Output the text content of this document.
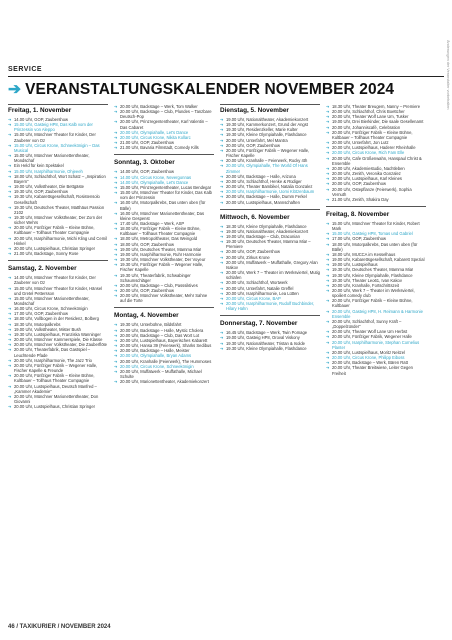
SERVICE
➔ VERANSTALTUNGSKALENDER NOVEMBER 2024
Freitag, 1. November
➔ 14.00 Uhr, GOP, Zaubershow
➔ 15.00 Uhr, Gasteig HP8, Das Kalb vom der Prinzessin von Aleppo
➔ 15.00 Uhr, Münchner Theater für Kinder, Der Zauberer von Oz
➔ 15.00 Uhr, Circus Krone, Schneekönigin – Das Musical
➔ 15.00 Uhr, Münchner Marionettentheater, Mondschaf
➔ Ein Held für kein Spektakel
➔ 15.00 Uhr, Isarphilharmonie, Ohjeeeh
➔ 18.00 Uhr, Schlachthof, Wort Schatz – „Inspiration Bayern“
➔ 19.00 Uhr, Volkstheater, Die Bettgäste
➔ 19.30 Uhr, GOP, Zaubershow
➔ 19.30 Uhr, Kabarettsgesellschaft, Rosistensolo Gesellschaft
➔ 19.30 Uhr, Deutsches Theater, Matthäus Passion 2102
➔ 19.30 Uhr, Münchner Volkstheater, Der Zorn der sicher Wehrs
➔ 20.00 Uhr, Fünfziger Fabrik – Kleine Bühne, Kultbauer – Tollhaus Theater Compagnie
➔ 20.00 Uhr, Isarphilharmonie, Michi Kling und Cemil Hinkel
➔ 20.00 Uhr, Lustspielhaus, Christian Springer
➔ 21.00 Uhr, Backstage, Sonny Rose
Samstag, 2. November
➔ 14.00 Uhr, Münchner Theater für Kinder, Der Zauberer von Oz
➔ 15.00 Uhr, Münchner Theater für Kinder, Hänsel und Gretel Pettersson
➔ 15.00 Uhr, Münchner Marionettentheater, Mondschaf
➔ 16.00 Uhr, Circus Krone, Schneekönigin
➔ 17.00 Uhr, GOP, Zaubershow
➔ 18.00 Uhr, Vollbogen in der Residenz, Bolberg
➔ 18.30 Uhr, Motorpalkrebs
➔ 19.00 Uhr, Volkstheater, Mister Bush
➔ 19.30 Uhr, Lustspielhaus, Franziska Wanninger
➔ 20.00 Uhr, Münchner Kammerspiele, Die Klasse
➔ 20.00 Uhr, Münchner Volkstheater, Die Zauberflöte
➔ 20.00 Uhr, Theaterfabrik, Das Gastspiel – Leuchtende Pfade
➔ 20.00 Uhr, Isarphilharmonie, The Jazz Trio
➔ 20.00 Uhr, Fünfziger Fabrik – Wegener Halle, Fischer Kapelle & Freunde
➔ 20.00 Uhr, Fünfziger Fabrik – Kleine Bühne, Kultbauer – Tollhaus Theater Compagnie
➔ 20.00 Uhr, Lustspielhaus, Deutsch Manfred – „Kammer Akademie“
➔ 20.00 Uhr, Münchner Marionettentheater, Don Giovanni
➔ 20.00 Uhr, Lustspielhaus, Christian Springer
➔ 20.00 Uhr, Backstage – Werk, Tom Walker
➔ 20.00 Uhr, Backstage – Club, Plundes – Tanzbare Deutsch-Pop
➔ 20.00 Uhr, Prinzregententheater, Karl Valentin – Das Cabaret
➔ 20.00 Uhr, Olympiahalle, Let's Dance
➔ 20.00 Uhr, Circus Krone, Nikita Kollarc
➔ 21.00 Uhr, GOP, Zaubershow
➔ 21.00 Uhr, Bavaria Filmstadt, Comedy Kills
Sonntag, 3. Oktober
➔ 14.00 Uhr, GOP, Zaubershow
➔ 14.00 Uhr, Circus Krone, Nevergonnas
➔ 14.00 Uhr, Olympiahalle, Let's Dance
➔ 15.00 Uhr, Prinzregententheater, Lucas Bendegar
➔ 15.00 Uhr, Münchner Theater für Kinder, Das Kalb vom der Prinzessin
➔ 16.00 Uhr, Motorpalkrebs, Das unten oben (für Bälle)
➔ 16.00 Uhr, Münchner Marionettentheater, Das kleine Gespenst
➔ 17.40 Uhr, Backstage – Werk, ASP
➔ 18.00 Uhr, Fünfziger Fabrik – Kleine Bühne, Kultbauer – Tollhaus Theater Compagnie
➔ 18.00 Uhr, Metropoltheater, Das Weingold
➔ 18.00 Uhr, GOP, Zaubershow
➔ 19.00 Uhr, Deutsches Theater, Mamma Mia!
➔ 19.00 Uhr, Isarphilharmonie, Ruhr Harmonie
➔ 19.30 Uhr, Münchner Volkstheater, Der Voyeur
➔ 19.30 Uhr, Fünfziger Fabrik – Wegener Halle, Fischer Kapelle
➔ 19.30 Uhr, Theaterfabrik, Schwabinger Schaumschläger
➔ 20.00 Uhr, Backstage – Club, Passsiktives
➔ 20.00 Uhr, GOP, Zaubershow
➔ 20.00 Uhr, Münchner Volkstheater, Mehr Sahne auf die Torte
Montag, 4. November
➔ 19.30 Uhr, Unterbühne, Bildsfahrt
➔ 20.00 Uhr, Backstage – Halle, Mystic Cholera
➔ 20.00 Uhr, Backstage – Club, Das Wort Lot
➔ 20.00 Uhr, Lustspielhaus, Bayerisches Kabarett
➔ 20.00 Uhr, Hansa 39 (Feierwerk), Sharks Sedibus
➔ 20.00 Uhr, Backstage – Halle, Meister
➔ 20.00 Uhr, Olympiahalle, Bryan Adams
➔ 20.00 Uhr, Kranhalle (Feierwerk), The Hummoses
➔ 20.00 Uhr, Circus Krone, Schneekönigin
➔ 20.00 Uhr, Muffatwerk – Muffathalle, Michael Schulte
➔ 20.00 Uhr, Marionettentheater, Akademiekonzert
Dienstag, 5. November
➔ 19.00 Uhr, Nationaltheater, Akademiekonzert
➔ 19.30 Uhr, Kammerkonzert, Grund der Angst
➔ 19.30 Uhr, Residenzkeller, Marie Kulter
➔ 19.30 Uhr, Kleine Olympiahalle, Flashdance
➔ 20.00 Uhr, Unterfahrt, Mel Mantra
➔ 20.00 Uhr, GOP, Zaubershow
➔ 20.00 Uhr, Fünfziger Fabrik – Wegener Halle, Fischer Kapelle
➔ 20.00 Uhr, Kranhalle – Feierwerk, Rocky 4th
➔ 20.00 Uhr, Olympiahalle, The World Of Hans Zimmer
➔ 20.00 Uhr, Backstage – Halle, Arizona
➔ 20.00 Uhr, Schlachthof, Henke & Rüdiger
➔ 20.00 Uhr, Theater Bambikel, Natalia Gonzalez
➔ 20.00 Uhr, Isarphilharmonie, Uomi Klötzenbaum
➔ 20.00 Uhr, Backstage – Halle, Dumm Ferkel
➔ 20.00 Uhr, Lustspielhaus, Mannschaften
Mittwoch, 6. November
➔ 18.30 Uhr, Kleine Olympiahalle, Flashdance
➔ 19.00 Uhr, Nationaltheater, Akademiekonzert
➔ 19.00 Uhr, Backstage – Club, Draconian
➔ 19.30 Uhr, Deutsches Theater, Mamma Mia! – Premiere
➔ 20.00 Uhr, GOP, Zaubershow
➔ 20.00 Uhr, Zirkus Krone
➔ 20.00 Uhr, Muffatwerk – Muffathalle, Gregory Alan Isakov
➔ 20.00 Uhr, Werk 7 – Theater im Werksviertel, Mutig schlafen
➔ 20.00 Uhr, Schlachthof, Wortwerk
➔ 20.00 Uhr, Unterfahrt, Natalie Greffel
➔ 20.00 Uhr, Isarphilharmonie, Lea Lütten
➔ 20.00 Uhr, Circus Krone, BAP
➔ 20.00 Uhr, Isarphilharmonie, Rudolf Buchbinder, Hilary Hahn
Donnerstag, 7. November
➔ 16.45 Uhr, Backstage – Werk, Twin Pomage
➔ 19.00 Uhr, Gasteig HP8, Oroval Viskony
➔ 19.30 Uhr, Nationaltheater, Tristan & Isolde
➔ 19.30 Uhr, Kleine Olympiahalle, Flashdance
➔ 18.30 Uhr, Theater Breugem, Nanny – Premiere
➔ 20.00 Uhr, Schlachthof, Chris Boettcher
➔ 20.00 Uhr, Theater Wolf Lane Um, Tusker
➔ 19.00 Uhr, Drei Bierkinder, Die saale Gesellenamt
➔ 20.00 Uhr, Johanniscafé, Celebration
➔ 20.00 Uhr, Fünfziger Fabrik – Kleine Bühne, Kultbauer – Tollhaus Theater Compagnie
➔ 20.00 Uhr, Unterfahrt, Jon Lutz
➔ 20.00 Uhr, Lustspielhaus, Haderer Rheinhalle
➔ 20.00 Uhr, Circus Krone, Rich Fam Elle
➔ 20.00 Uhr, Cafe Größenwahn, Hanspaul Christ & Ensemble
➔ 20.00 Uhr, Akademiestudio, Nachtleben
➔ 20.00 Uhr, Zenith, Veronika Gonzalez
➔ 20.00 Uhr, Lustspielhaus, Karl Kleines
➔ 20.00 Uhr, GOP, Zaubershow
➔ 20.00 Uhr, Ostepflanze (Feierwerk), Sophia Vernuth
➔ 21.00 Uhr, Zenith, Shakira Day
Freitag, 8. November
➔ 15.00 Uhr, Münchner Theater für Kinder, Robert Mark
➔ 15.00 Uhr, Gasteig HP8, Tomas und Gabriel
➔ 17.00 Uhr, GOP, Zaubershow
➔ 18.00 Uhr, Motorpalkrebs, Das unten oben (für Bälle)
➔ 18.00 Uhr, MUCCA im Kesselhaus
➔ 19.00 Uhr, Kabarettsgesellschaft, Kabarett Spezial
➔ 19.00 Uhr, Lustspielhaus
➔ 19.30 Uhr, Deutsches Theater, Mamma Mia!
➔ 19.30 Uhr, Kleine Olympiahalle, Flashdance
➔ 19.30 Uhr, Theater Leo61, Ivan Kakov
➔ 20.00 Uhr, Kranhalle, Fortschrittszeit
➔ 20.00 Uhr, Werk 7 – Theater im Werksviertel, spoiliert comedy club
➔ 20.00 Uhr, Fünfziger Fabrik – Kleine Bühne, Kultbauer
➔ 20.00 Uhr, Gasteig HP8, H. Reimann & Harmonie Ensemble
➔ 20.00 Uhr, Schlachthof, Sunny Kraft – „Doppelzünder“
➔ 20.00 Uhr, Theater Wolf Lane Um Herbst
➔ 20.00 Uhr, Fünfziger Fabrik, Wegener Halle
➔ 20.00 Uhr, Isarphilharmonie, Stephan Cornelius Planter
➔ 20.00 Uhr, Lustspielhaus, Moritz Neitzel
➔ 20.00 Uhr, Circus Krone, Philipp Eiboss
➔ 20.00 Uhr, Backstage – Werk, Bären Ratt
➔ 20.00 Uhr, Theater Breitwiese, Leiter Gegen Freiheit
Änderungen der Veranstalter vorbehalten
46 / TAXIKURIER / NOVEMBER 2024
